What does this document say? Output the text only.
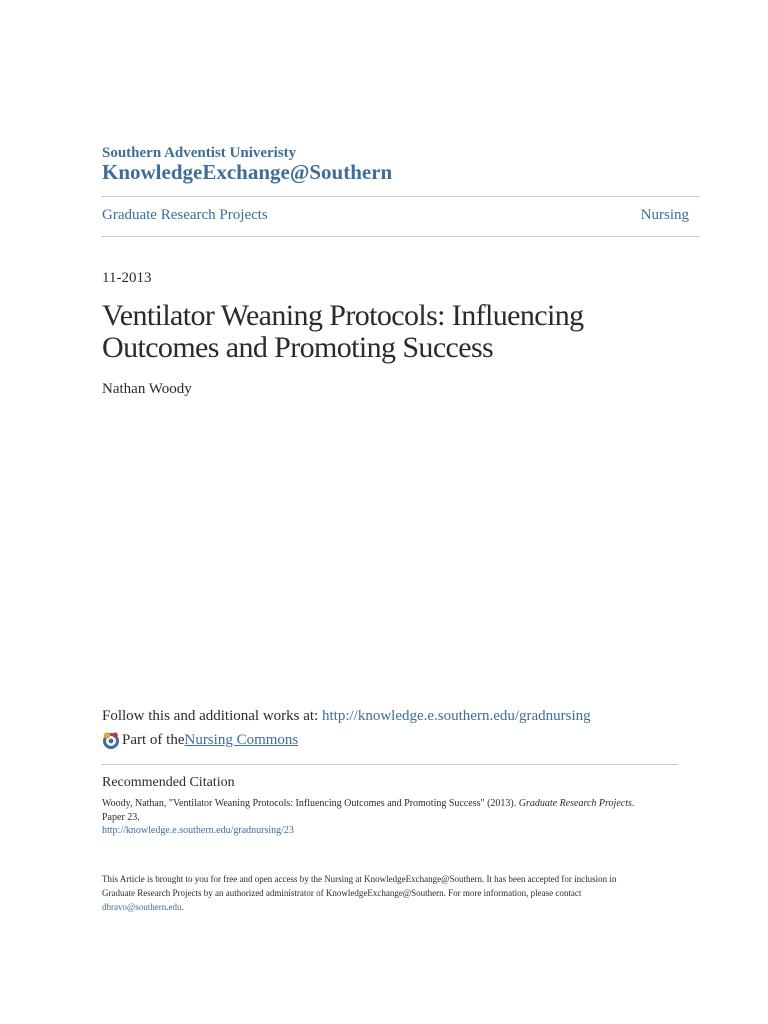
Southern Adventist Univeristy
KnowledgeExchange@Southern
Graduate Research Projects	Nursing
11-2013
Ventilator Weaning Protocols: Influencing Outcomes and Promoting Success
Nathan Woody
Follow this and additional works at: http://knowledge.e.southern.edu/gradnursing
Part of the Nursing Commons
Recommended Citation
Woody, Nathan, "Ventilator Weaning Protocols: Influencing Outcomes and Promoting Success" (2013). Graduate Research Projects.
Paper 23.
http://knowledge.e.southern.edu/gradnursing/23
This Article is brought to you for free and open access by the Nursing at KnowledgeExchange@Southern. It has been accepted for inclusion in
Graduate Research Projects by an authorized administrator of KnowledgeExchange@Southern. For more information, please contact
dbravo@southern.edu.
